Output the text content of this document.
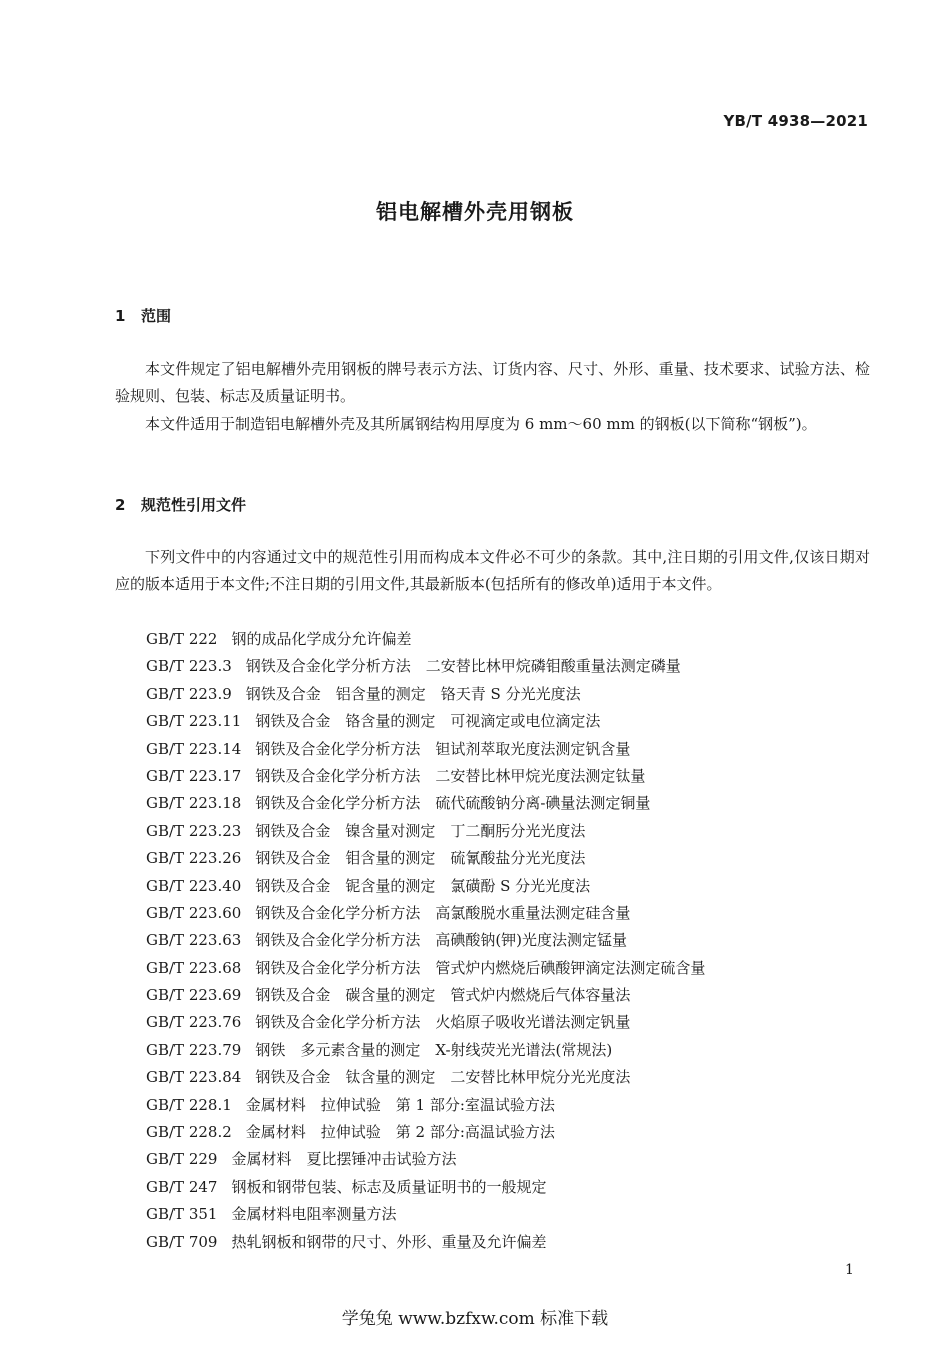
YB/T 4938—2021
铝电解槽外壳用钢板
1 范围

本文件规定了铝电解槽外壳用钢板的牌号表示方法、订货内容、尺寸、外形、重量、技术要求、试验方法、检验规则、包装、标志及质量证明书。

本文件适用于制造铝电解槽外壳及其所属钢结构用厚度为 6 mm～60 mm 的钢板(以下简称“钢板”)。

2 规范性引用文件

下列文件中的内容通过文中的规范性引用而构成本文件必不可少的条款。其中,注日期的引用文件,仅该日期对应的版本适用于本文件;不注日期的引用文件,其最新版本(包括所有的修改单)适用于本文件。

GB/T 222 钢的成品化学成分允许偏差
GB/T 223.3 钢铁及合金化学分析方法　二安替比林甲烷磷钼酸重量法测定磷量
GB/T 223.9 钢铁及合金　铝含量的测定　铬天青 S 分光光度法
GB/T 223.11 钢铁及合金　铬含量的测定　可视滴定或电位滴定法
GB/T 223.14 钢铁及合金化学分析方法　钽试剂萃取光度法测定钒含量
GB/T 223.17 钢铁及合金化学分析方法　二安替比林甲烷光度法测定钛量
GB/T 223.18 钢铁及合金化学分析方法　硫代硫酸钠分离-碘量法测定铜量
GB/T 223.23 钢铁及合金　镍含量对测定　丁二酮肟分光光度法
GB/T 223.26 钢铁及合金　钼含量的测定　硫氰酸盐分光光度法
GB/T 223.40 钢铁及合金　铌含量的测定　氯磺酚 S 分光光度法
GB/T 223.60 钢铁及合金化学分析方法　高氯酸脱水重量法测定硅含量
GB/T 223.63 钢铁及合金化学分析方法　高碘酸钠(钾)光度法测定锰量
GB/T 223.68 钢铁及合金化学分析方法　管式炉内燃烧后碘酸钾滴定法测定硫含量
GB/T 223.69 钢铁及合金　碳含量的测定　管式炉内燃烧后气体容量法
GB/T 223.76 钢铁及合金化学分析方法　火焰原子吸收光谱法测定钒量
GB/T 223.79 钢铁　多元素含量的测定　X-射线荧光光谱法(常规法)
GB/T 223.84 钢铁及合金　钛含量的测定　二安替比林甲烷分光光度法
GB/T 228.1 金属材料　拉伸试验　第 1 部分:室温试验方法
GB/T 228.2 金属材料　拉伸试验　第 2 部分:高温试验方法
GB/T 229 金属材料　夏比摆锤冲击试验方法
GB/T 247 钢板和钢带包装、标志及质量证明书的一般规定
GB/T 351 金属材料电阻率测量方法
GB/T 709 热轧钢板和钢带的尺寸、外形、重量及允许偏差
1
学兔兔 www.bzfxw.com 标准下载
